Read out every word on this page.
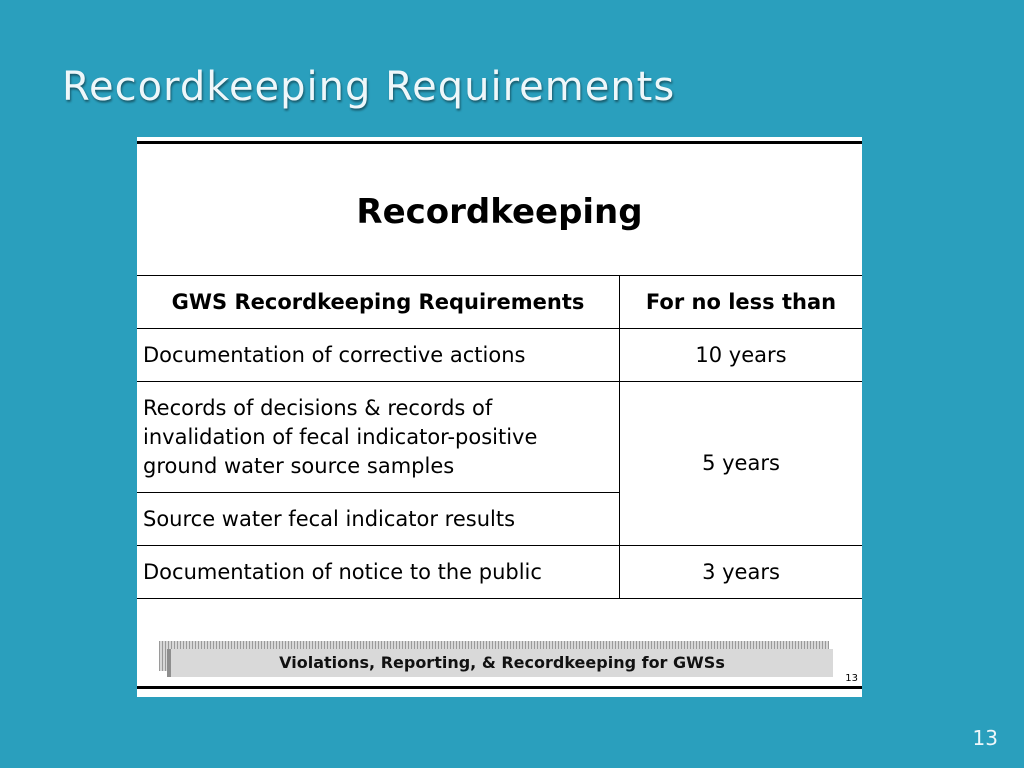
Recordkeeping Requirements
Recordkeeping
GWS Recordkeeping Requirements	For no less than
Documentation of corrective actions	10 years
Records of decisions & records of invalidation of fecal indicator-positive ground water source samples	5 years
Source water fecal indicator results	
Documentation of notice to the public	3 years
Violations, Reporting, & Recordkeeping for GWSs
13
13
